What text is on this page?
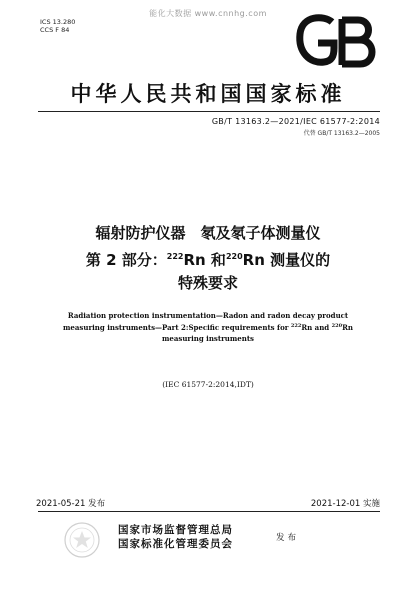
能化大数据 www.cnnhg.com
ICS 13.280
CCS F 84
中华人民共和国国家标准
GB/T 13163.2—2021/IEC 61577-2:2014
代替 GB/T 13163.2—2005
辐射防护仪器　氡及氡子体测量仪
第 2 部分：$^{222}$Rn 和$^{220}$Rn 测量仪的
特殊要求
Radiation protection instrumentation—Radon and radon decay product
measuring instruments—Part 2:Specific requirements for $^{222}$Rn and $^{220}$Rn
measuring instruments
(IEC 61577-2:2014,IDT)
2021-05-21 发布	2021-12-01 实施
国家市场监督管理总局
国家标准化管理委员会	发布
